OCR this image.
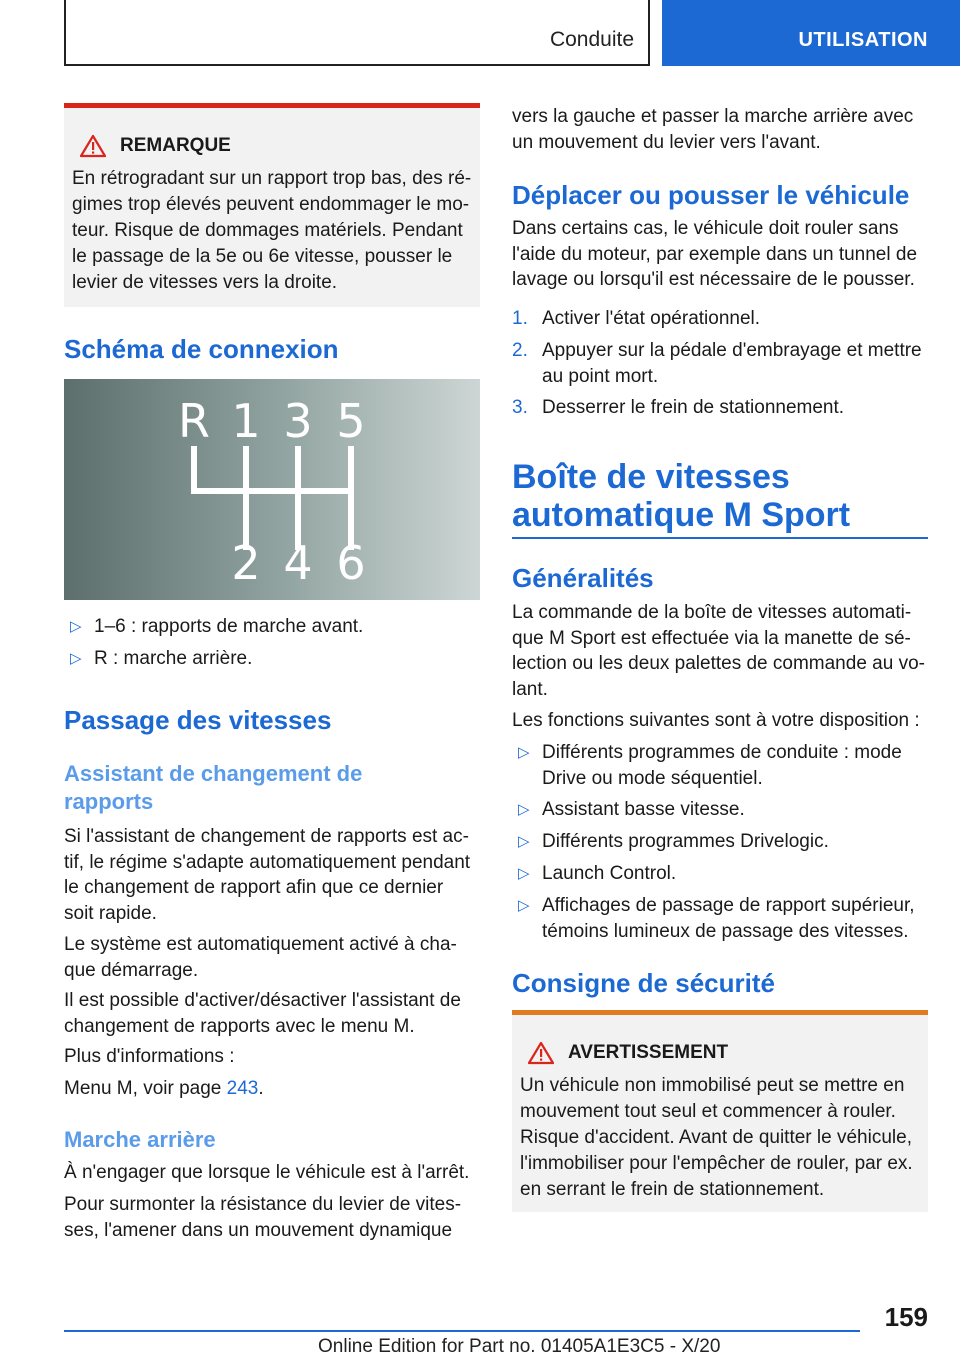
Conduite	UTILISATION
REMARQUE

En rétrogradant sur un rapport trop bas, des ré-

gimes trop élevés peuvent endommager le mo-

teur. Risque de dommages matériels. Pendant

le passage de la 5e ou 6e vitesse, pousser le

levier de vitesses vers la droite.

Schéma de connexion
R 1 3 5
2 4 6
▷ 1–6 : rapports de marche avant.
▷ R : marche arrière.
Passage des vitesses
Assistant de changement de
rapports

Si l'assistant de changement de rapports est ac-

tif, le régime s'adapte automatiquement pendant

le changement de rapport afin que ce dernier

soit rapide.

Le système est automatiquement activé à cha-

que démarrage.

Il est possible d'activer/désactiver l'assistant de

changement de rapports avec le menu M.

Plus d'informations :

Menu M, voir page 243.

Marche arrière

À n'engager que lorsque le véhicule est à l'arrêt.

Pour surmonter la résistance du levier de vites-

ses, l'amener dans un mouvement dynamique

vers la gauche et passer la marche arrière avec

un mouvement du levier vers l'avant.

Déplacer ou pousser le véhicule

Dans certains cas, le véhicule doit rouler sans

l'aide du moteur, par exemple dans un tunnel de

lavage ou lorsqu'il est nécessaire de le pousser.

1. Activer l'état opérationnel.

2. Appuyer sur la pédale d'embrayage et mettre

au point mort.

3. Desserrer le frein de stationnement.

Boîte de vitesses
automatique M Sport
Généralités

La commande de la boîte de vitesses automati-

que M Sport est effectuée via la manette de sé-

lection ou les deux palettes de commande au vo-

lant.

Les fonctions suivantes sont à votre disposition :

▷ Différents programmes de conduite : mode

Drive ou mode séquentiel.

▷ Assistant basse vitesse.

▷ Différents programmes Drivelogic.

▷ Launch Control.

▷ Affichages de passage de rapport supérieur,

témoins lumineux de passage des vitesses.

Consigne de sécurité
AVERTISSEMENT

Un véhicule non immobilisé peut se mettre en

mouvement tout seul et commencer à rouler.

Risque d'accident. Avant de quitter le véhicule,

l'immobiliser pour l'empêcher de rouler, par ex.

en serrant le frein de stationnement.

159
Online Edition for Part no. 01405A1E3C5 - X/20
